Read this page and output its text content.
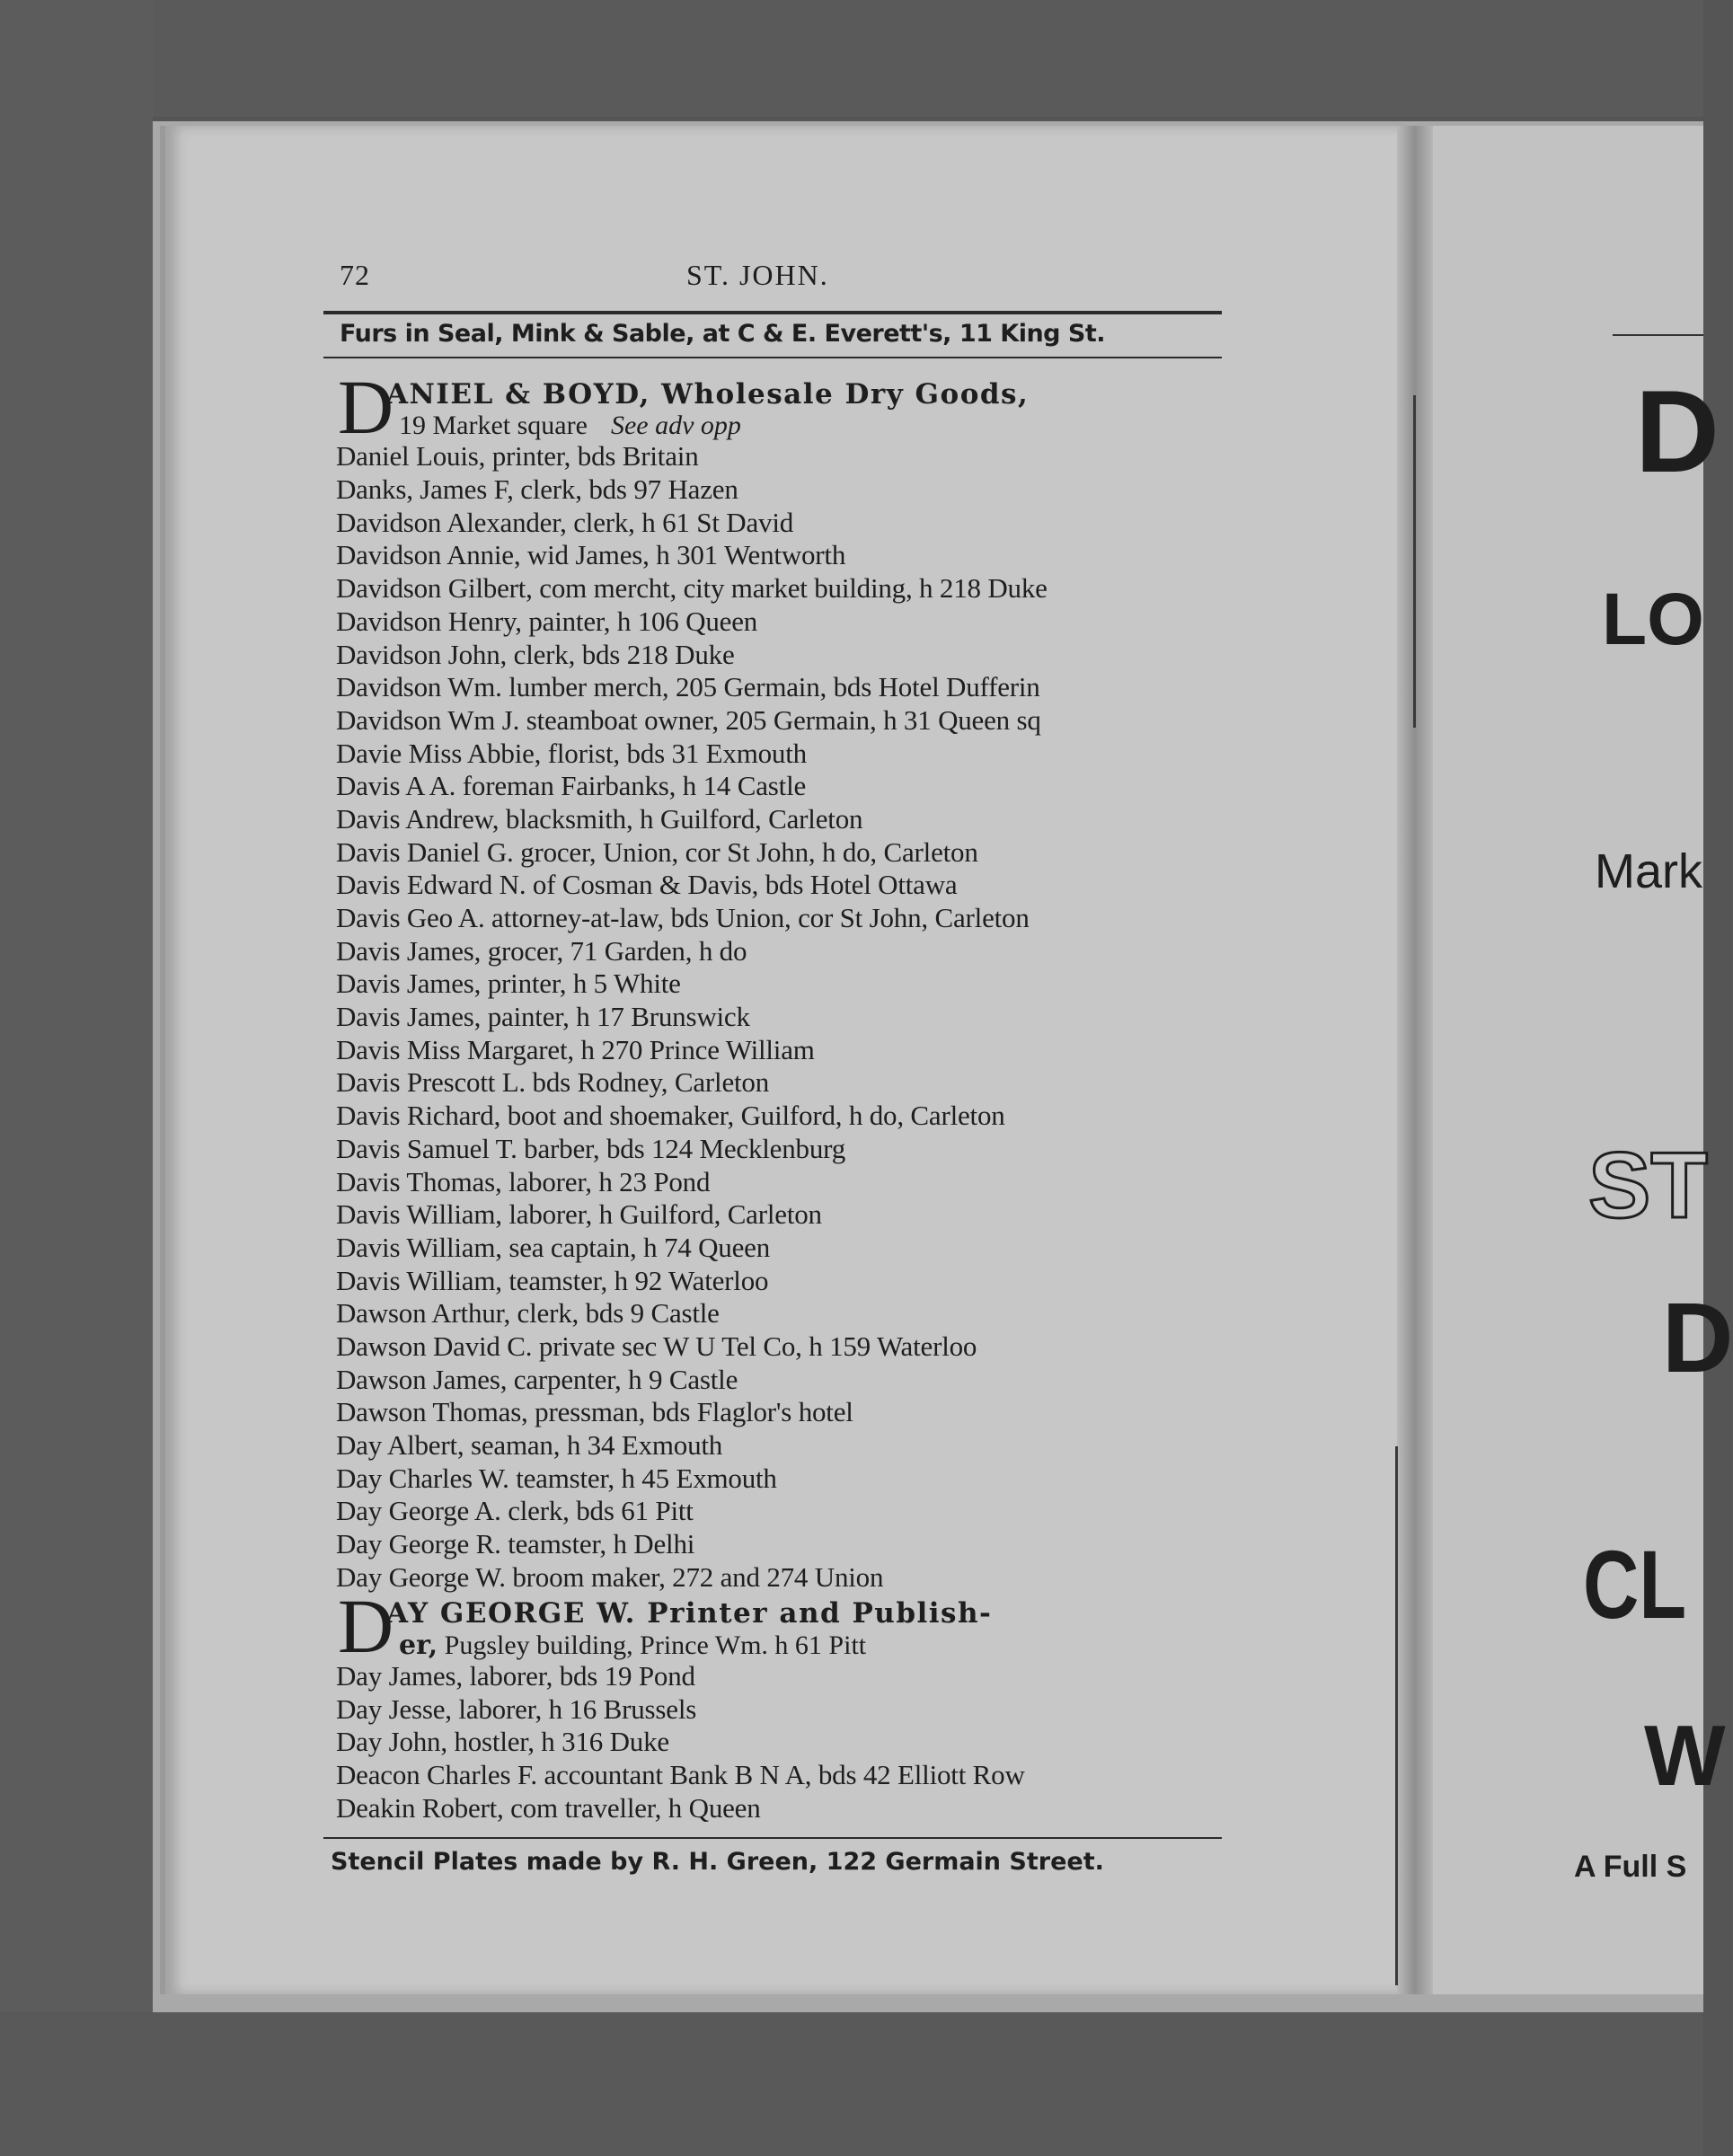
72	ST. JOHN.
Furs in Seal, Mink & Sable, at C & E. Everett's, 11 King St.
D
ANIEL & BOYD, Wholesale Dry Goods,
19 Market square See adv opp
Daniel Louis, printer, bds Britain
Danks, James F, clerk, bds 97 Hazen
Davidson Alexander, clerk, h 61 St David
Davidson Annie, wid James, h 301 Wentworth
Davidson Gilbert, com mercht, city market building, h 218 Duke
Davidson Henry, painter, h 106 Queen
Davidson John, clerk, bds 218 Duke
Davidson Wm. lumber merch, 205 Germain, bds Hotel Dufferin
Davidson Wm J. steamboat owner, 205 Germain, h 31 Queen sq
Davie Miss Abbie, florist, bds 31 Exmouth
Davis A A. foreman Fairbanks, h 14 Castle
Davis Andrew, blacksmith, h Guilford, Carleton
Davis Daniel G. grocer, Union, cor St John, h do, Carleton
Davis Edward N. of Cosman & Davis, bds Hotel Ottawa
Davis Geo A. attorney-at-law, bds Union, cor St John, Carleton
Davis James, grocer, 71 Garden, h do
Davis James, printer, h 5 White
Davis James, painter, h 17 Brunswick
Davis Miss Margaret, h 270 Prince William
Davis Prescott L. bds Rodney, Carleton
Davis Richard, boot and shoemaker, Guilford, h do, Carleton
Davis Samuel T. barber, bds 124 Mecklenburg
Davis Thomas, laborer, h 23 Pond
Davis William, laborer, h Guilford, Carleton
Davis William, sea captain, h 74 Queen
Davis William, teamster, h 92 Waterloo
Dawson Arthur, clerk, bds 9 Castle
Dawson David C. private sec W U Tel Co, h 159 Waterloo
Dawson James, carpenter, h 9 Castle
Dawson Thomas, pressman, bds Flaglor's hotel
Day Albert, seaman, h 34 Exmouth
Day Charles W. teamster, h 45 Exmouth
Day George A. clerk, bds 61 Pitt
Day George R. teamster, h Delhi
Day George W. broom maker, 272 and 274 Union
D
AY GEORGE W. Printer and Publish-
er, Pugsley building, Prince Wm. h 61 Pitt
Day James, laborer, bds 19 Pond
Day Jesse, laborer, h 16 Brussels
Day John, hostler, h 316 Duke
Deacon Charles F. accountant Bank B N A, bds 42 Elliott Row
Deakin Robert, com traveller, h Queen
Stencil Plates made by R. H. Green, 122 Germain Street.
D
LO
Mark
ST
D
CL
W
A Full S
